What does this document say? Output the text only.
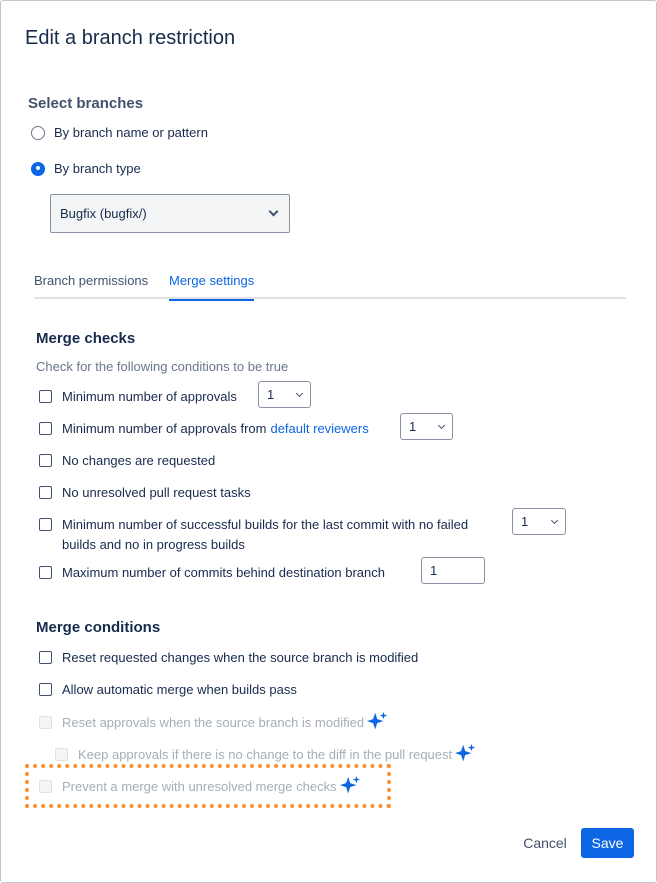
Edit a branch restriction
Select branches
By branch name or pattern
By branch type
Bugfix (bugfix/)
Branch permissions Merge settings
Merge checks
Check for the following conditions to be true
Minimum number of approvals 1
Minimum number of approvals from default reviewers	1
No changes are requested
No unresolved pull request tasks
Minimum number of successful builds for the last commit with no failed
builds and no in progress builds
1
Maximum number of commits behind destination branch	1
Merge conditions
Reset requested changes when the source branch is modified
Allow automatic merge when builds pass
Reset approvals when the source branch is modified
Keep approvals if there is no change to the diff in the pull request
Prevent a merge with unresolved merge checks
Cancel	Save
